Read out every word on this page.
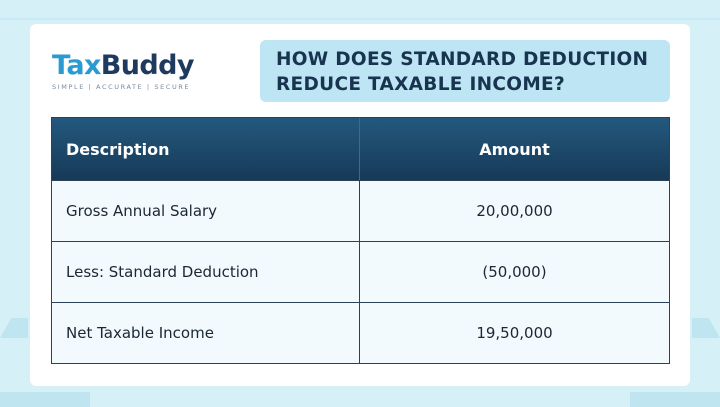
TaxBuddy
SIMPLE | ACCURATE | SECURE
HOW DOES STANDARD DEDUCTION
REDUCE TAXABLE INCOME?
Description	Amount
Gross Annual Salary	20,00,000
Less: Standard Deduction	(50,000)
Net Taxable Income	19,50,000
